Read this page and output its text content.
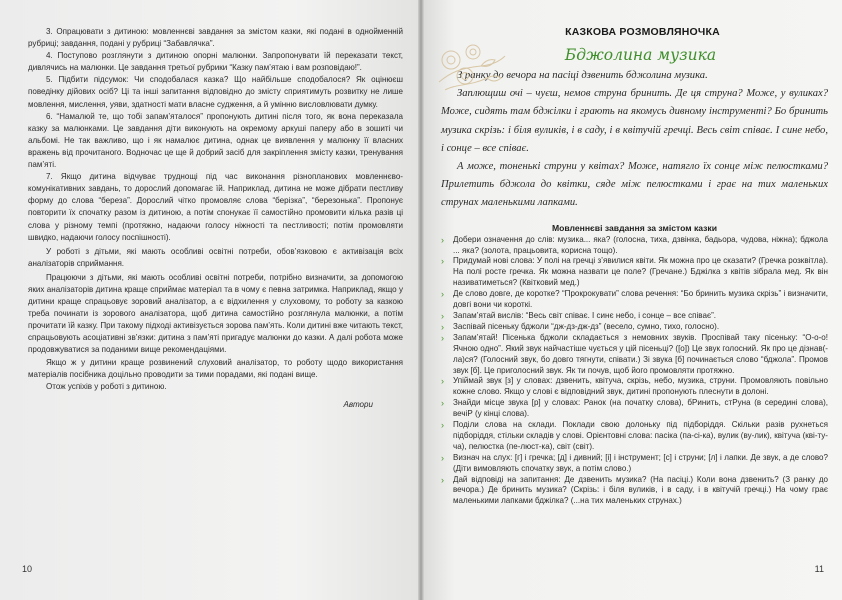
3. Опрацювати з дитиною: мовленнєві завдання за змістом казки, які подані в однойменній рубриці; завдання, подані у рубриці “Забавлячка”.

4. Поступово розглянути з дитиною опорні малюнки. Запропонувати їй переказати текст, дивлячись на малюнки. Це завдання третьої рубрики “Казку пам’ятаю і вам розповідаю!”.

5. Підбити підсумок: Чи сподобалася казка? Що найбільше сподобалося? Як оцінюєш поведінку дійових осіб? Ці та інші запитання відповідно до змісту сприятимуть розвитку не лише мовлення, мислення, уяви, здатності мати власне судження, а й умінню висловлювати думку.

6. “Намалюй те, що тобі запам’яталося” пропонують дитині після того, як вона переказала казку за малюнками. Це завдання діти виконують на окремому аркуші паперу або в зошиті чи альбомі. Не так важливо, що і як намалює дитина, однак це виявлення у малюнку її власних вражень від прочитаного. Водночас це ще й добрий засіб для закріплення змісту казки, тренування пам’яті.

7. Якщо дитина відчуває труднощі під час виконання різнопланових мовленнєво-комунікативних завдань, то дорослий допомагає їй. Наприклад, дитина не може дібрати пестливу форму до слова “береза”. Дорослий чітко промовляє слова “берізка”, “березонька”. Пропонує повторити їх спочатку разом із дитиною, а потім спонукає її самостійно промовити кілька разів ці слова у різному темпі (протяжно, надаючи голосу ніжності та пестливості; потім промовляти швидко, надаючи голосу поспішності).

У роботі з дітьми, які мають особливі освітні потреби, обов’язковою є активізація всіх аналізаторів сприймання.

Працюючи з дітьми, які мають особливі освітні потреби, потрібно визначити, за допомогою яких аналізаторів дитина краще сприймає матеріал та в чому є певна затримка. Наприклад, якщо у дитини краще спрацьовує зоровий аналізатор, а є відхилення у слуховому, то роботу за казкою треба починати із зорового аналізатора, щоб дитина самостійно розглянула малюнки, а потім прочитати їй казку. При такому підході активізується зорова пам’ять. Коли дитині вже читають текст, спрацьовують асоціативні зв’язки: дитина з пам’яті пригадує малюнки до казки. А далі робота може продовжуватися за поданими вище рекомендаціями.

Якщо ж у дитини краще розвинений слуховий аналізатор, то роботу щодо використання матеріалів посібника доцільно проводити за тими порадами, які подані вище.

Отож успіхів у роботі з дитиною.

Автори
10
КАЗКОВА РОЗМОВЛЯНОЧКА
Бджолина музика

З ранку до вечора на пасіці дзвенить бджолина музика.

Заплющиш очі – чуєш, немов струна бринить. Де ця струна? Може, у вуликах? Може, сидять там бджілки і грають на якомусь дивному інструменті? Бо бринить музика скрізь: і біля вуликів, і в саду, і в квітучій гречці. Весь світ співає. І сине небо, і сонце – все співає.

А може, тоненькі струни у квітах? Може, натягло їх сонце між пелюстками? Прилетить бджола до квітки, сяде між пелюстками і грає на тих маленьких струнах маленькими лапками.

Мовленнєві завдання за змістом казки
› Добери означення до слів: музика... яка? (голосна, тиха, дзвінка, бадьора, чудова, ніжна); бджола ... яка? (золота, працьовита, корисна тощо).
› Придумай нові слова: У полі на гречці з’явилися квіти. Як можна про це сказати? (Гречка розквітла). На полі росте гречка. Як можна назвати це поле? (Гречане.) Бджілка з квітів зібрала мед. Як він називатиметься? (Квітковий мед.)
› Де слово довге, де коротке? “Прокрокувати” слова речення: “Бо бринить музика скрізь” і визначити, довгі вони чи короткі.
› Запам’ятай вислів: “Весь світ співає. І синє небо, і сонце – все співає”.
› Заспівай пісеньку бджоли “дж-дз-дж-дз” (весело, сумно, тихо, голосно).
› Запам’ятай! Пісенька бджоли складається з немовних звуків. Проспівай таку пісеньку: “О-о-о! Ячною одно”. Який звук найчастіше чується у цій пісеньці? ([о]) Це звук голосний. Як про це дізнав(-ла)ся? (Голосний звук, бо довго тягнути, співати.) Зі звука [б] починається слово “бджола”. Промов звук [б]. Це приголосний звук. Як ти почув, щоб його промовляти протяжно.
› Упіймай звук [з] у словах: дзвенить, квітуча, скрізь, небо, музика, струни. Промовляють повільно кожне слово. Якщо у слові є відповідний звук, дитині пропонують плеснути в долоні.
› Знайди місце звука [р] у словах: Ранок (на початку слова), бРинить, стРуна (в середині слова), вечіР (у кінці слова).
› Поділи слова на склади. Поклади свою долоньку під підборіддя. Скільки разів рухнеться підборіддя, стільки складів у слові. Орієнтовні слова: пасіка (па-сі-ка), вулик (ву-лик), квітуча (кві-ту-ча), пелюстка (пе-люст-ка), світ (світ).
› Визнач на слух: [г] і гречка; [д] і дивний; [і] і інструмент; [с] і струни; [л] і лапки. Де звук, а де слово? (Діти вимовляють спочатку звук, а потім слово.)
› Дай відповіді на запитання: Де дзвенить музика? (На пасіці.) Коли вона дзвенить? (З ранку до вечора.) Де бринить музика? (Скрізь: і біля вуликів, і в саду, і в квітучій гречці.) На чому грає маленькими лапками бджілка? (...на тих маленьких струнах.)
11
